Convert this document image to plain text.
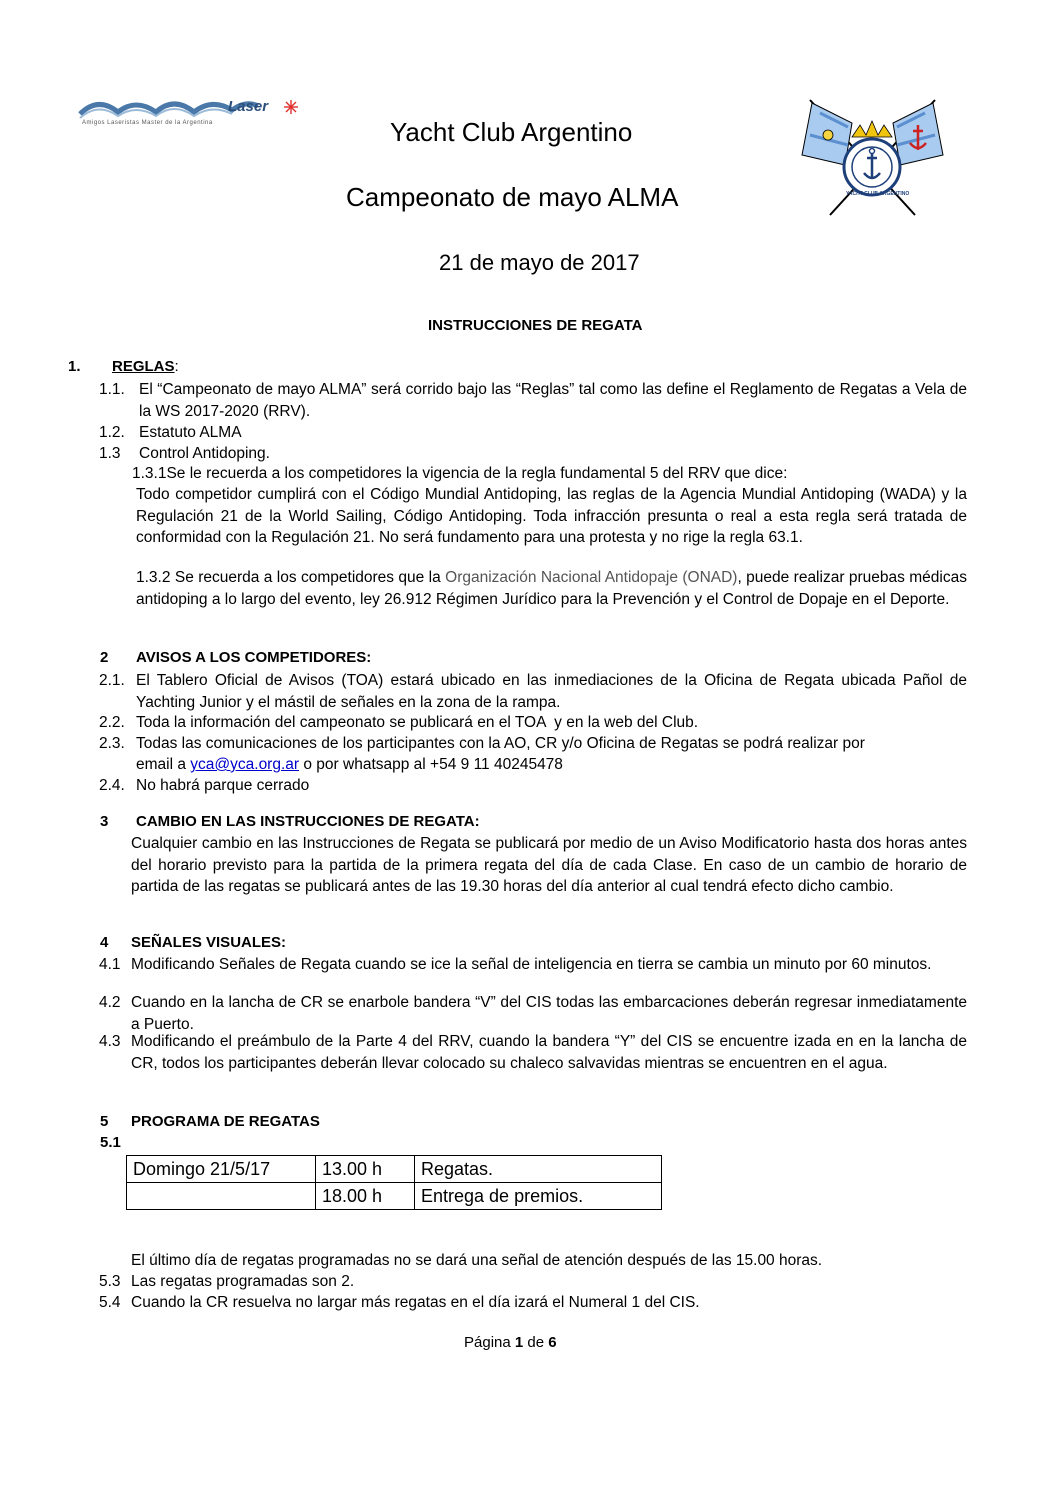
Laser
Amigos Laseristas Master de la Argentina
YACHT CLUB ARGENTINO
Yacht Club Argentino
Campeonato de mayo ALMA
21 de mayo de 2017
INSTRUCCIONES DE REGATA
1. REGLAS:
1.1. El “Campeonato de mayo ALMA” será corrido bajo las “Reglas” tal como las define el Reglamento de Regatas a Vela de la WS 2017-2020 (RRV).
1.2. Estatuto ALMA
1.3 Control Antidoping.
1.3.1Se le recuerda a los competidores la vigencia de la regla fundamental 5 del RRV que dice:
Todo competidor cumplirá con el Código Mundial Antidoping, las reglas de la Agencia Mundial Antidoping (WADA) y la Regulación 21 de la World Sailing, Código Antidoping. Toda infracción presunta o real a esta regla será tratada de conformidad con la Regulación 21. No será fundamento para una protesta y no rige la regla 63.1.
1.3.2 Se recuerda a los competidores que la Organización Nacional Antidopaje (ONAD), puede realizar pruebas médicas antidoping a lo largo del evento, ley 26.912 Régimen Jurídico para la Prevención y el Control de Dopaje en el Deporte.
2 AVISOS A LOS COMPETIDORES:
2.1. El Tablero Oficial de Avisos (TOA) estará ubicado en las inmediaciones de la Oficina de Regata ubicada Pañol de Yachting Junior y el mástil de señales en la zona de la rampa.
2.2. Toda la información del campeonato se publicará en el TOA  y en la web del Club.
2.3. Todas las comunicaciones de los participantes con la AO, CR y/o Oficina de Regatas se podrá realizar por
email a yca@yca.org.ar o por whatsapp al +54 9 11 40245478
2.4. No habrá parque cerrado
3 CAMBIO EN LAS INSTRUCCIONES DE REGATA:
Cualquier cambio en las Instrucciones de Regata se publicará por medio de un Aviso Modificatorio hasta dos horas antes del horario previsto para la partida de la primera regata del día de cada Clase. En caso de un cambio de horario de partida de las regatas se publicará antes de las 19.30 horas del día anterior al cual tendrá efecto dicho cambio.
4 SEÑALES VISUALES:
4.1 Modificando Señales de Regata cuando se ice la señal de inteligencia en tierra se cambia un minuto por 60 minutos.
4.2 Cuando en la lancha de CR se enarbole bandera “V” del CIS todas las embarcaciones deberán regresar inmediatamente a Puerto.
4.3 Modificando el preámbulo de la Parte 4 del RRV, cuando la bandera “Y” del CIS se encuentre izada en en la lancha de CR, todos los participantes deberán llevar colocado su chaleco salvavidas mientras se encuentren en el agua.
5 PROGRAMA DE REGATAS
5.1
Domingo 21/5/17	13.00 h	Regatas.
	18.00 h	Entrega de premios.
El último día de regatas programadas no se dará una señal de atención después de las 15.00 horas.
5.3 Las regatas programadas son 2.
5.4 Cuando la CR resuelva no largar más regatas en el día izará el Numeral 1 del CIS.
Página 1 de 6
